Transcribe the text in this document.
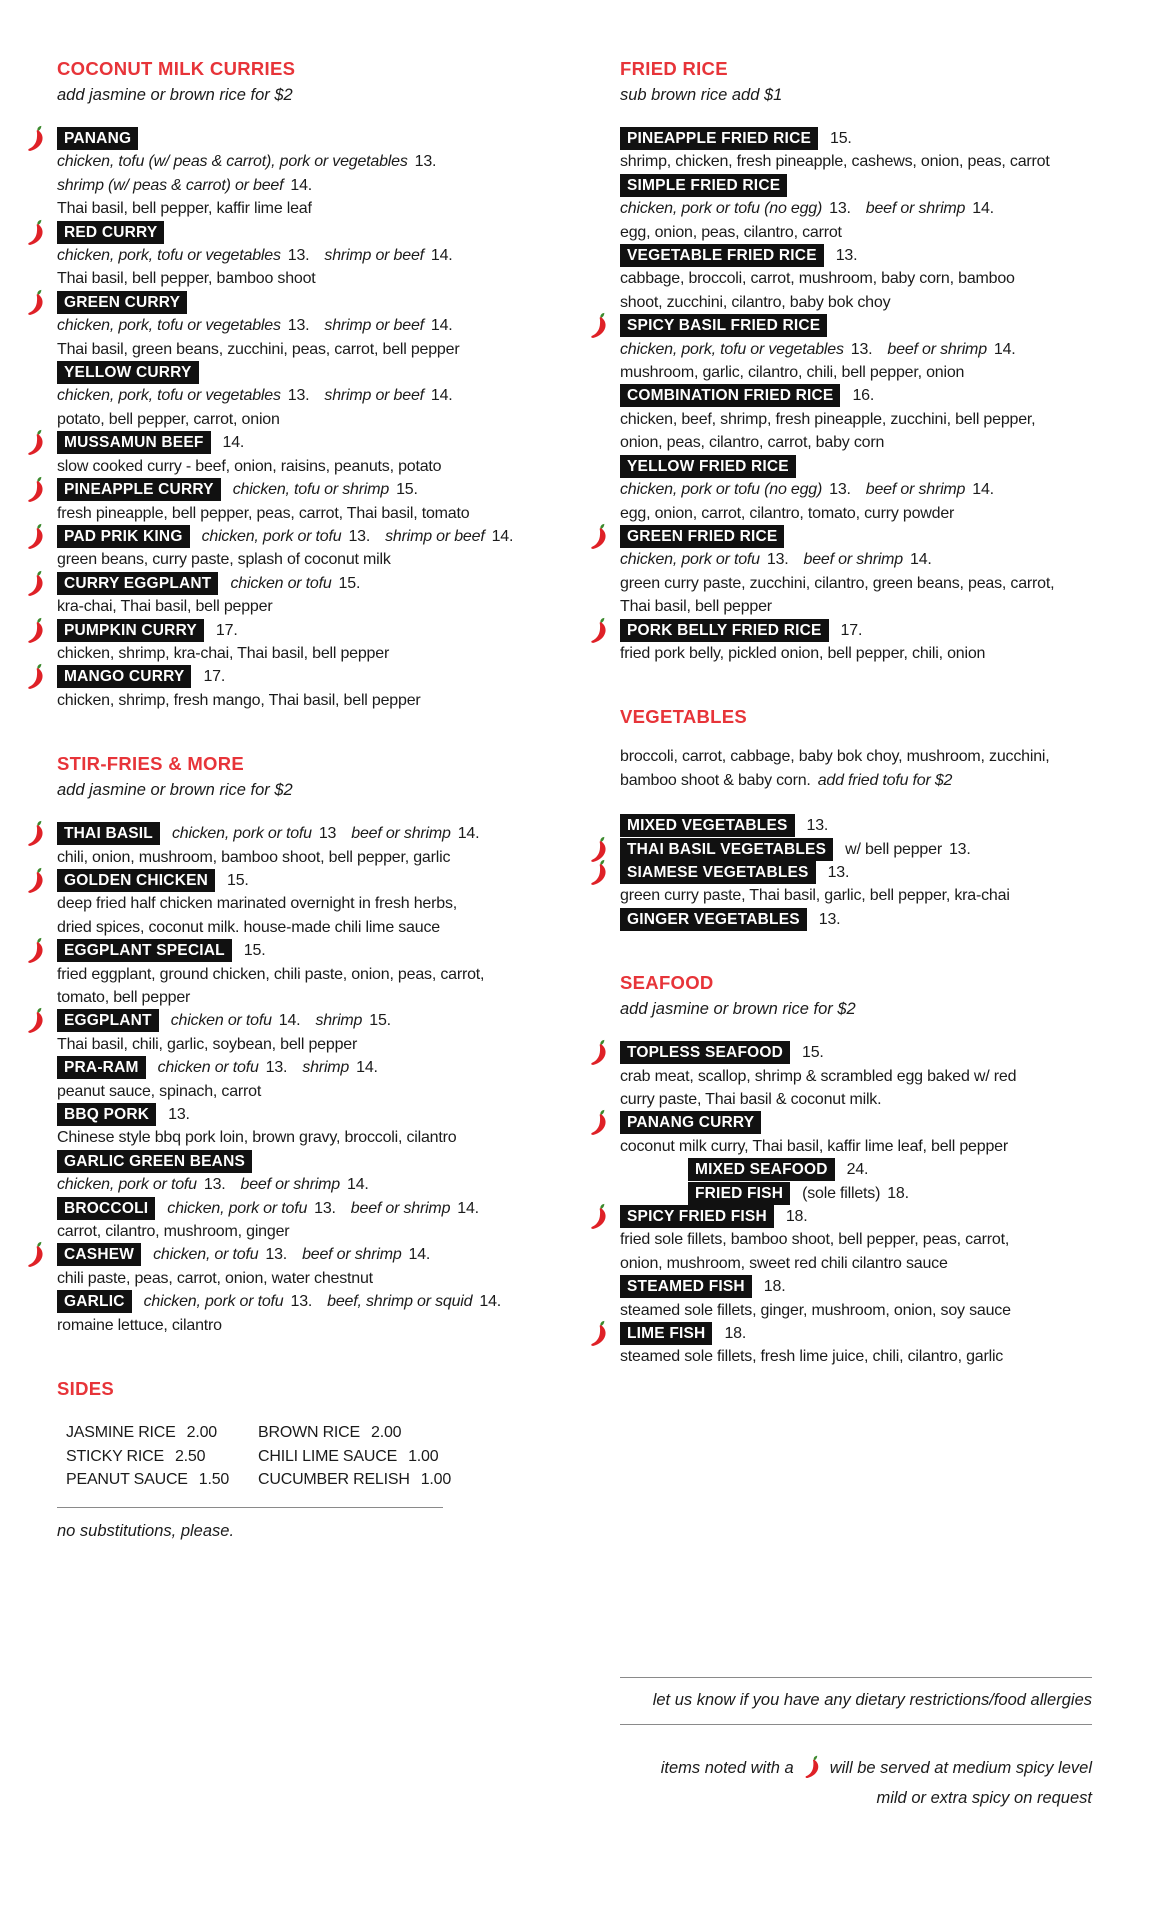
COCONUT MILK CURRIES
add jasmine or brown rice for $2
PANANG
chicken, tofu (w/ peas & carrot), pork or vegetables 13.
shrimp (w/ peas & carrot) or beef 14.
Thai basil, bell pepper, kaffir lime leaf
RED CURRY
chicken, pork, tofu or vegetables 13. shrimp or beef 14.
Thai basil, bell pepper, bamboo shoot
GREEN CURRY
chicken, pork, tofu or vegetables 13. shrimp or beef 14.
Thai basil, green beans, zucchini, peas, carrot, bell pepper
YELLOW CURRY
chicken, pork, tofu or vegetables 13. shrimp or beef 14.
potato, bell pepper, carrot, onion
MUSSAMUN BEEF 14.
slow cooked curry - beef, onion, raisins, peanuts, potato
PINEAPPLE CURRY chicken, tofu or shrimp 15.
fresh pineapple, bell pepper, peas, carrot, Thai basil, tomato
PAD PRIK KING chicken, pork or tofu 13. shrimp or beef 14.
green beans, curry paste, splash of coconut milk
CURRY EGGPLANT chicken or tofu 15.
kra-chai, Thai basil, bell pepper
PUMPKIN CURRY 17.
chicken, shrimp, kra-chai, Thai basil, bell pepper
MANGO CURRY 17.
chicken, shrimp, fresh mango, Thai basil, bell pepper
STIR-FRIES & MORE
add jasmine or brown rice for $2
THAI BASIL chicken, pork or tofu 13 beef or shrimp 14.
chili, onion, mushroom, bamboo shoot, bell pepper, garlic
GOLDEN CHICKEN 15.
deep fried half chicken marinated overnight in fresh herbs,
dried spices, coconut milk. house-made chili lime sauce
EGGPLANT SPECIAL 15.
fried eggplant, ground chicken, chili paste, onion, peas, carrot,
tomato, bell pepper
EGGPLANT chicken or tofu 14. shrimp 15.
Thai basil, chili, garlic, soybean, bell pepper
PRA-RAM chicken or tofu 13. shrimp 14.
peanut sauce, spinach, carrot
BBQ PORK 13.
Chinese style bbq pork loin, brown gravy, broccoli, cilantro
GARLIC GREEN BEANS
chicken, pork or tofu 13. beef or shrimp 14.
BROCCOLI chicken, pork or tofu 13. beef or shrimp 14.
carrot, cilantro, mushroom, ginger
CASHEW chicken, or tofu 13. beef or shrimp 14.
chili paste, peas, carrot, onion, water chestnut
GARLIC chicken, pork or tofu 13. beef, shrimp or squid 14.
romaine lettuce, cilantro
SIDES
JASMINE RICE 2.00	BROWN RICE 2.00
STICKY RICE 2.50	CHILI LIME SAUCE 1.00
PEANUT SAUCE 1.50	CUCUMBER RELISH 1.00
no substitutions, please.
FRIED RICE
sub brown rice add $1
PINEAPPLE FRIED RICE 15.
shrimp, chicken, fresh pineapple, cashews, onion, peas, carrot
SIMPLE FRIED RICE
chicken, pork or tofu (no egg) 13. beef or shrimp 14.
egg, onion, peas, cilantro, carrot
VEGETABLE FRIED RICE 13.
cabbage, broccoli, carrot, mushroom, baby corn, bamboo
shoot, zucchini, cilantro, baby bok choy
SPICY BASIL FRIED RICE
chicken, pork, tofu or vegetables 13. beef or shrimp 14.
mushroom, garlic, cilantro, chili, bell pepper, onion
COMBINATION FRIED RICE 16.
chicken, beef, shrimp, fresh pineapple, zucchini, bell pepper,
onion, peas, cilantro, carrot, baby corn
YELLOW FRIED RICE
chicken, pork or tofu (no egg) 13. beef or shrimp 14.
egg, onion, carrot, cilantro, tomato, curry powder
GREEN FRIED RICE
chicken, pork or tofu 13. beef or shrimp 14.
green curry paste, zucchini, cilantro, green beans, peas, carrot,
Thai basil, bell pepper
PORK BELLY FRIED RICE 17.
fried pork belly, pickled onion, bell pepper, chili, onion
VEGETABLES
broccoli, carrot, cabbage, baby bok choy, mushroom, zucchini,
bamboo shoot & baby corn. add fried tofu for $2
MIXED VEGETABLES 13.
THAI BASIL VEGETABLES w/ bell pepper 13.
SIAMESE VEGETABLES 13.
green curry paste, Thai basil, garlic, bell pepper, kra-chai
GINGER VEGETABLES 13.
SEAFOOD
add jasmine or brown rice for $2
TOPLESS SEAFOOD 15.
crab meat, scallop, shrimp & scrambled egg baked w/ red
curry paste, Thai basil & coconut milk.
PANANG CURRY
coconut milk curry, Thai basil, kaffir lime leaf, bell pepper
MIXED SEAFOOD 24.
FRIED FISH (sole fillets) 18.
SPICY FRIED FISH 18.
fried sole fillets, bamboo shoot, bell pepper, peas, carrot,
onion, mushroom, sweet red chili cilantro sauce
STEAMED FISH 18.
steamed sole fillets, ginger, mushroom, onion, soy sauce
LIME FISH 18.
steamed sole fillets, fresh lime juice, chili, cilantro, garlic
let us know if you have any dietary restrictions/food allergies
items noted with a will be served at medium spicy level
mild or extra spicy on request
